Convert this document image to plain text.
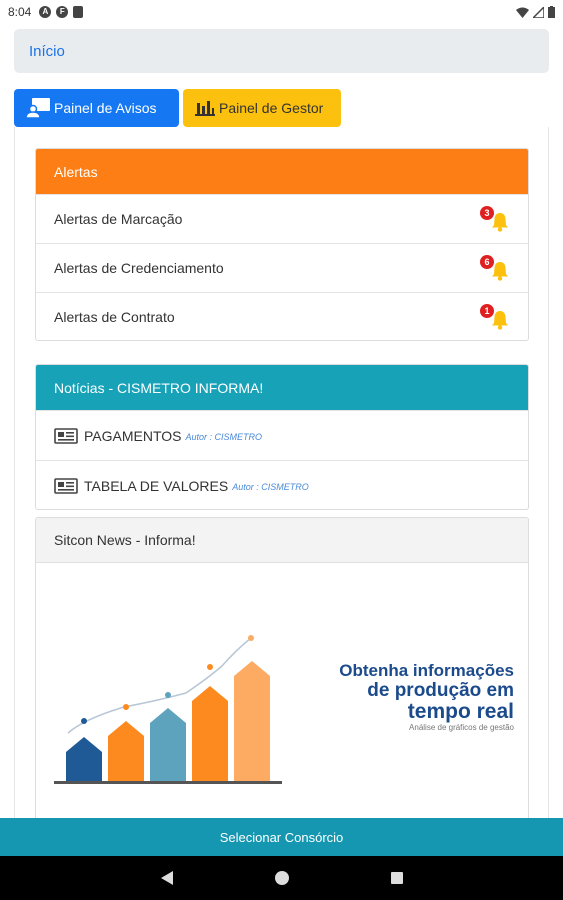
8:04	A	F
Início
Painel de Avisos	Painel de Gestor
Alertas
Alertas de Marcação	3
Alertas de Credenciamento	6
Alertas de Contrato	1
Notícias - CISMETRO INFORMA!
PAGAMENTOS Autor : CISMETRO
TABELA DE VALORES Autor : CISMETRO
Sitcon News - Informa!
Obtenha informações
de produção em
tempo real
Análise de gráficos de gestão
Selecionar Consórcio
